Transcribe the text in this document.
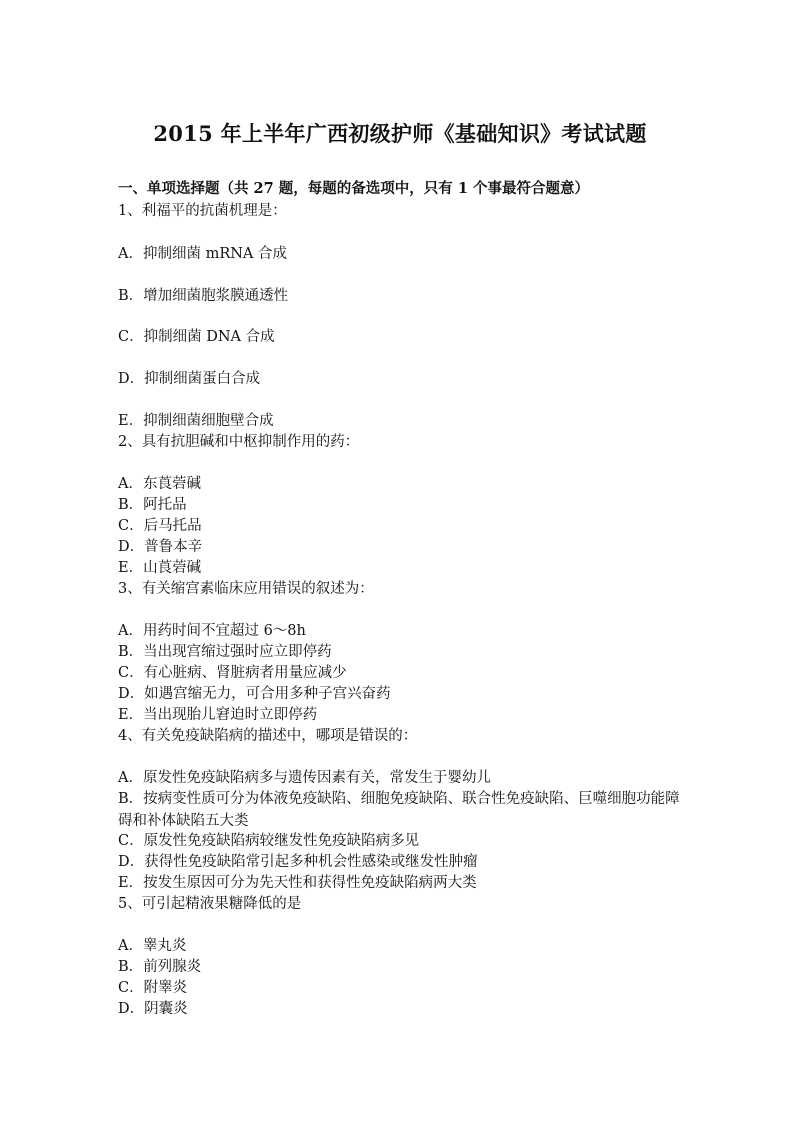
2015 年上半年广西初级护师《基础知识》考试试题
一、单项选择题（共 27 题，每题的备选项中，只有 1 个事最符合题意）
1、利福平的抗菌机理是：
A．抑制细菌 mRNA 合成
B．增加细菌胞浆膜通透性
C．抑制细菌 DNA 合成
D．抑制细菌蛋白合成
E．抑制细菌细胞壁合成
2、具有抗胆碱和中枢抑制作用的药：
A．东莨菪碱
B．阿托品
C．后马托品
D．普鲁本辛
E．山莨菪碱
3、有关缩宫素临床应用错误的叙述为：
A．用药时间不宜超过 6～8h
B．当出现宫缩过强时应立即停药
C．有心脏病、肾脏病者用量应减少
D．如遇宫缩无力，可合用多种子宫兴奋药
E．当出现胎儿窘迫时立即停药
4、有关免疫缺陷病的描述中，哪项是错误的：
A．原发性免疫缺陷病多与遗传因素有关，常发生于婴幼儿
B．按病变性质可分为体液免疫缺陷、细胞免疫缺陷、联合性免疫缺陷、巨噬细胞功能障碍和补体缺陷五大类
C．原发性免疫缺陷病较继发性免疫缺陷病多见
D．获得性免疫缺陷常引起多种机会性感染或继发性肿瘤
E．按发生原因可分为先天性和获得性免疫缺陷病两大类
5、可引起精液果糖降低的是
A．睾丸炎
B．前列腺炎
C．附睾炎
D．阴囊炎
